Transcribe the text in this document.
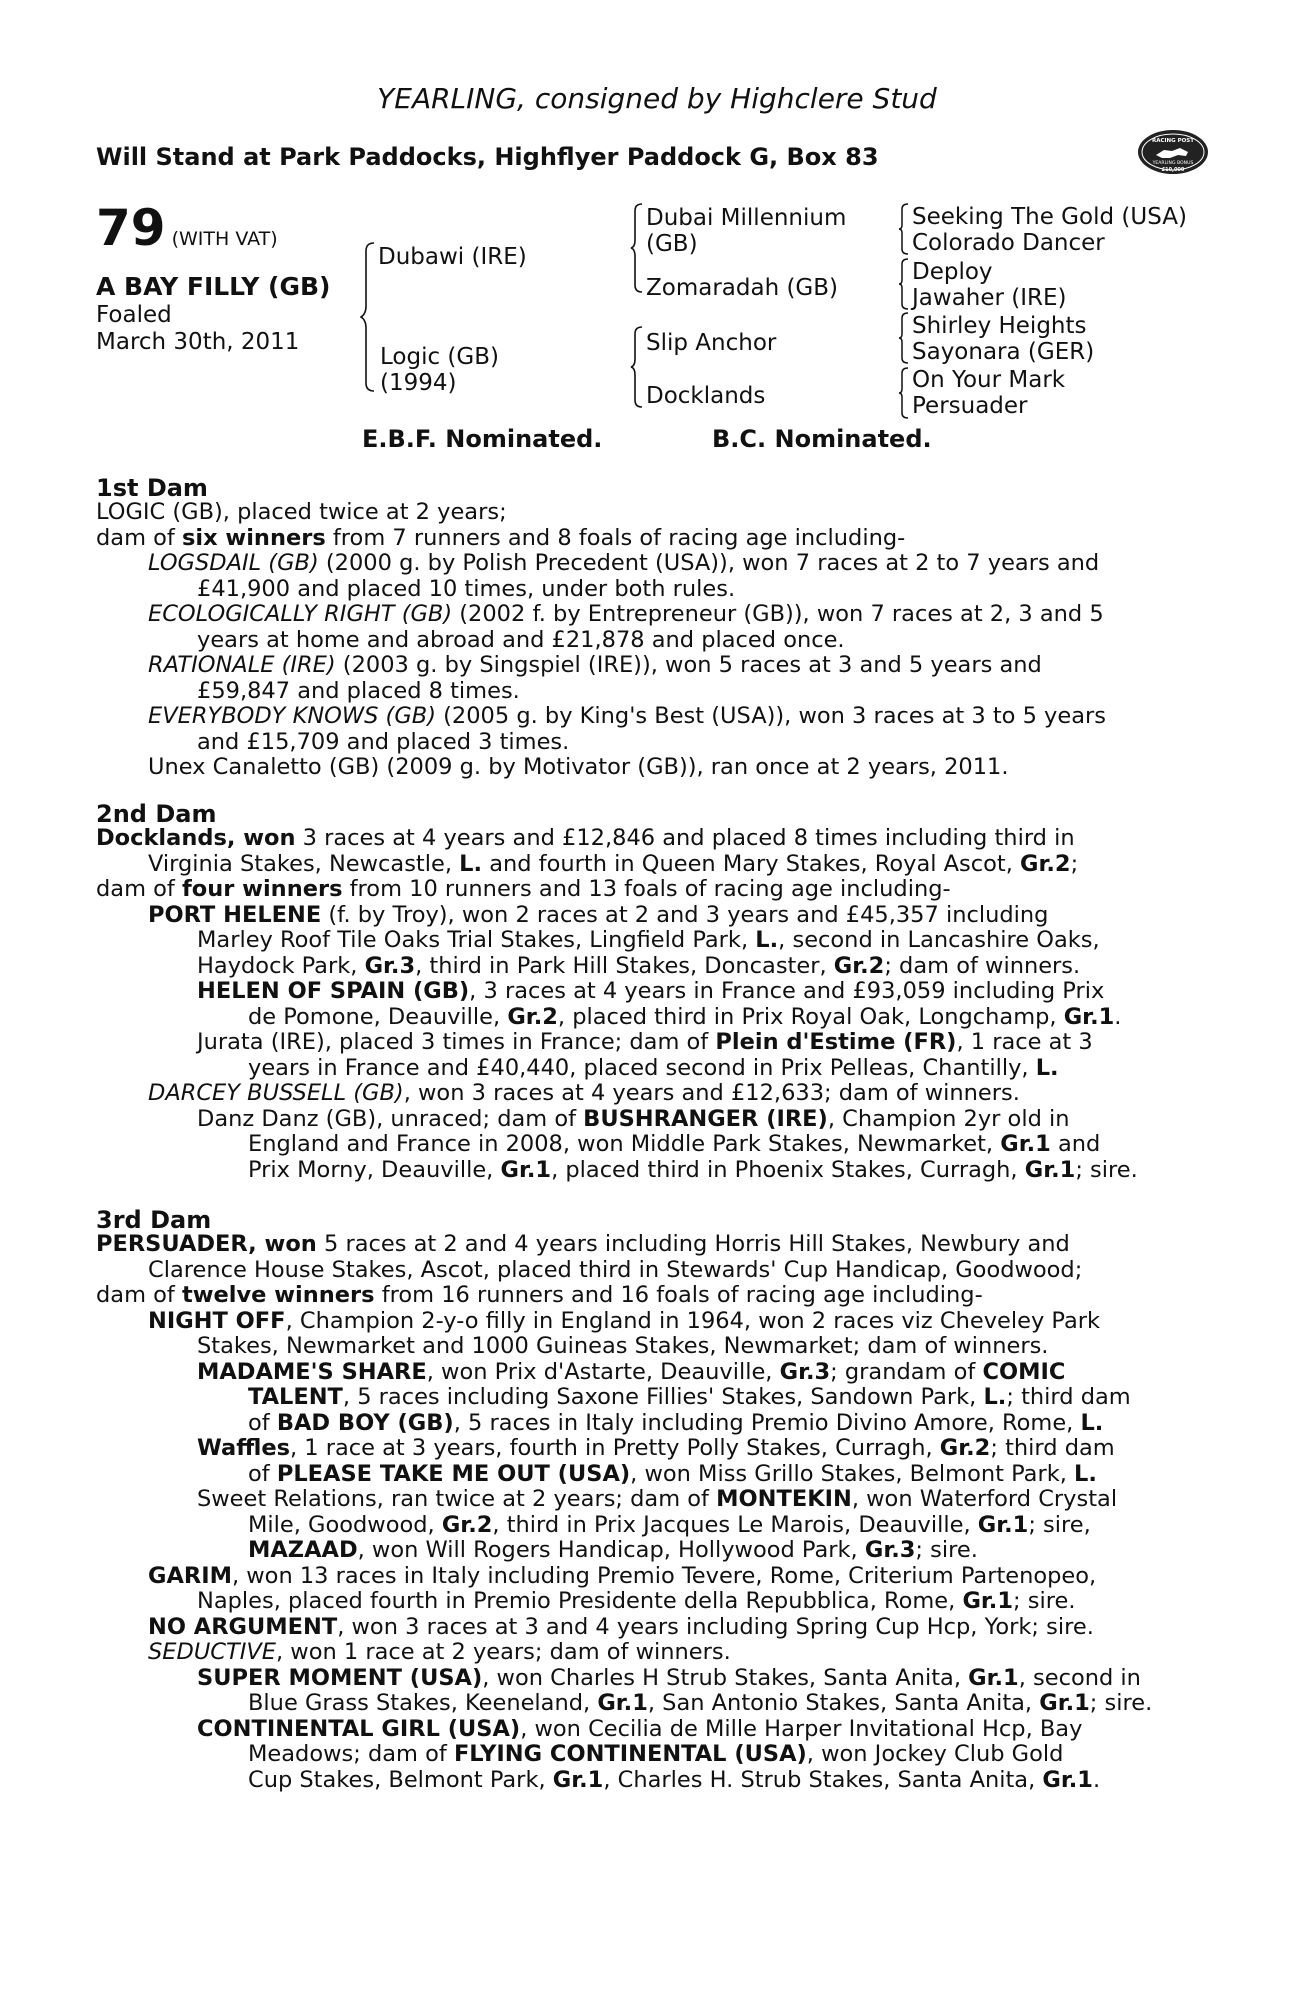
YEARLING, consigned by Highclere Stud
Will Stand at Park Paddocks, Highflyer Paddock G, Box 83
RACING POST
YEARLING BONUS
£10,000
79 (WITH VAT)
A BAY FILLY (GB)
Foaled
March 30th, 2011
Dubawi (IRE)
Logic (GB)
(1994)
Dubai Millennium
(GB)
Zomaradah (GB)
Slip Anchor
Docklands
Seeking The Gold (USA)
Colorado Dancer
Deploy
Jawaher (IRE)
Shirley Heights
Sayonara (GER)
On Your Mark
Persuader
E.B.F. Nominated.	B.C. Nominated.
1st Dam
LOGIC (GB), placed twice at 2 years;
dam of six winners from 7 runners and 8 foals of racing age including-
LOGSDAIL (GB) (2000 g. by Polish Precedent (USA)), won 7 races at 2 to 7 years and
£41,900 and placed 10 times, under both rules.
ECOLOGICALLY RIGHT (GB) (2002 f. by Entrepreneur (GB)), won 7 races at 2, 3 and 5
years at home and abroad and £21,878 and placed once.
RATIONALE (IRE) (2003 g. by Singspiel (IRE)), won 5 races at 3 and 5 years and
£59,847 and placed 8 times.
EVERYBODY KNOWS (GB) (2005 g. by King's Best (USA)), won 3 races at 3 to 5 years
and £15,709 and placed 3 times.
Unex Canaletto (GB) (2009 g. by Motivator (GB)), ran once at 2 years, 2011.
2nd Dam
Docklands, won 3 races at 4 years and £12,846 and placed 8 times including third in
Virginia Stakes, Newcastle, L. and fourth in Queen Mary Stakes, Royal Ascot, Gr.2;
dam of four winners from 10 runners and 13 foals of racing age including-
PORT HELENE (f. by Troy), won 2 races at 2 and 3 years and £45,357 including
Marley Roof Tile Oaks Trial Stakes, Lingfield Park, L., second in Lancashire Oaks,
Haydock Park, Gr.3, third in Park Hill Stakes, Doncaster, Gr.2; dam of winners.
HELEN OF SPAIN (GB), 3 races at 4 years in France and £93,059 including Prix
de Pomone, Deauville, Gr.2, placed third in Prix Royal Oak, Longchamp, Gr.1.
Jurata (IRE), placed 3 times in France; dam of Plein d'Estime (FR), 1 race at 3
years in France and £40,440, placed second in Prix Pelleas, Chantilly, L.
DARCEY BUSSELL (GB), won 3 races at 4 years and £12,633; dam of winners.
Danz Danz (GB), unraced; dam of BUSHRANGER (IRE), Champion 2yr old in
England and France in 2008, won Middle Park Stakes, Newmarket, Gr.1 and
Prix Morny, Deauville, Gr.1, placed third in Phoenix Stakes, Curragh, Gr.1; sire.
3rd Dam
PERSUADER, won 5 races at 2 and 4 years including Horris Hill Stakes, Newbury and
Clarence House Stakes, Ascot, placed third in Stewards' Cup Handicap, Goodwood;
dam of twelve winners from 16 runners and 16 foals of racing age including-
NIGHT OFF, Champion 2-y-o filly in England in 1964, won 2 races viz Cheveley Park
Stakes, Newmarket and 1000 Guineas Stakes, Newmarket; dam of winners.
MADAME'S SHARE, won Prix d'Astarte, Deauville, Gr.3; grandam of COMIC
TALENT, 5 races including Saxone Fillies' Stakes, Sandown Park, L.; third dam
of BAD BOY (GB), 5 races in Italy including Premio Divino Amore, Rome, L.
Waffles, 1 race at 3 years, fourth in Pretty Polly Stakes, Curragh, Gr.2; third dam
of PLEASE TAKE ME OUT (USA), won Miss Grillo Stakes, Belmont Park, L.
Sweet Relations, ran twice at 2 years; dam of MONTEKIN, won Waterford Crystal
Mile, Goodwood, Gr.2, third in Prix Jacques Le Marois, Deauville, Gr.1; sire,
MAZAAD, won Will Rogers Handicap, Hollywood Park, Gr.3; sire.
GARIM, won 13 races in Italy including Premio Tevere, Rome, Criterium Partenopeo,
Naples, placed fourth in Premio Presidente della Repubblica, Rome, Gr.1; sire.
NO ARGUMENT, won 3 races at 3 and 4 years including Spring Cup Hcp, York; sire.
SEDUCTIVE, won 1 race at 2 years; dam of winners.
SUPER MOMENT (USA), won Charles H Strub Stakes, Santa Anita, Gr.1, second in
Blue Grass Stakes, Keeneland, Gr.1, San Antonio Stakes, Santa Anita, Gr.1; sire.
CONTINENTAL GIRL (USA), won Cecilia de Mille Harper Invitational Hcp, Bay
Meadows; dam of FLYING CONTINENTAL (USA), won Jockey Club Gold
Cup Stakes, Belmont Park, Gr.1, Charles H. Strub Stakes, Santa Anita, Gr.1.
